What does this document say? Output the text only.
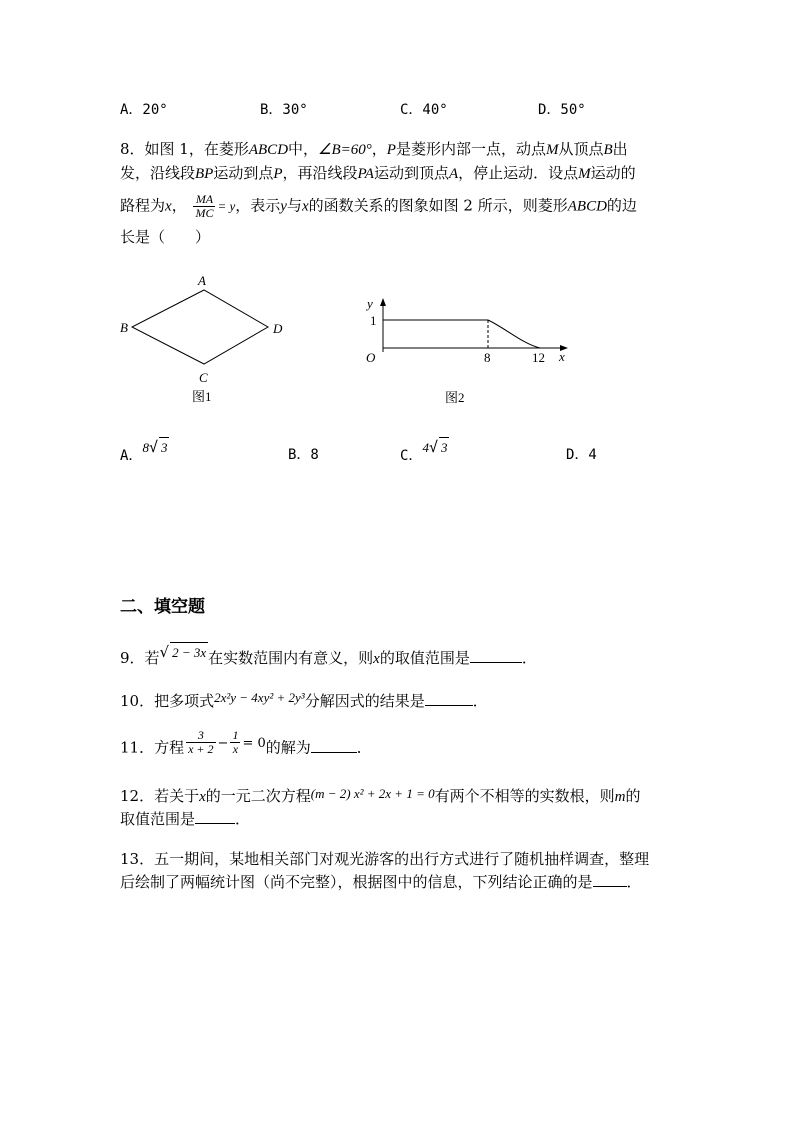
A．20°	B．30°	C．40°	D．50°
8．如图 1，在菱形ABCD中，∠B=60°，P是菱形内部一点，动点M从顶点B出
发，沿线段BP运动到点P，再沿线段PA运动到顶点A，停止运动．设点M运动的
路程为x， $\frac{MA}{MC} = y$，表示y与x的函数关系的图象如图 2 所示，则菱形ABCD的边
长是（　　）
A
B
C
D
图1
y
1
O	8	12 x
图2
A．8√ 3	B．8	C．4√ 3	D．4
二、填空题
9．若√ 2 − 3x 在实数范围内有意义，则x的取值范围是	．
10．把多项式2x²y − 4xy² + 2y³分解因式的结果是	．
11．方程 $\frac{3}{x + 2} - \frac{1}{x} = 0$的解为	．
12．若关于x的一元二次方程(m − 2) x² + 2x + 1 = 0有两个不相等的实数根，则m的
取值范围是	．
13．五一期间，某地相关部门对观光游客的出行方式进行了随机抽样调查，整理
后绘制了两幅统计图（尚不完整），根据图中的信息，下列结论正确的是 ．
